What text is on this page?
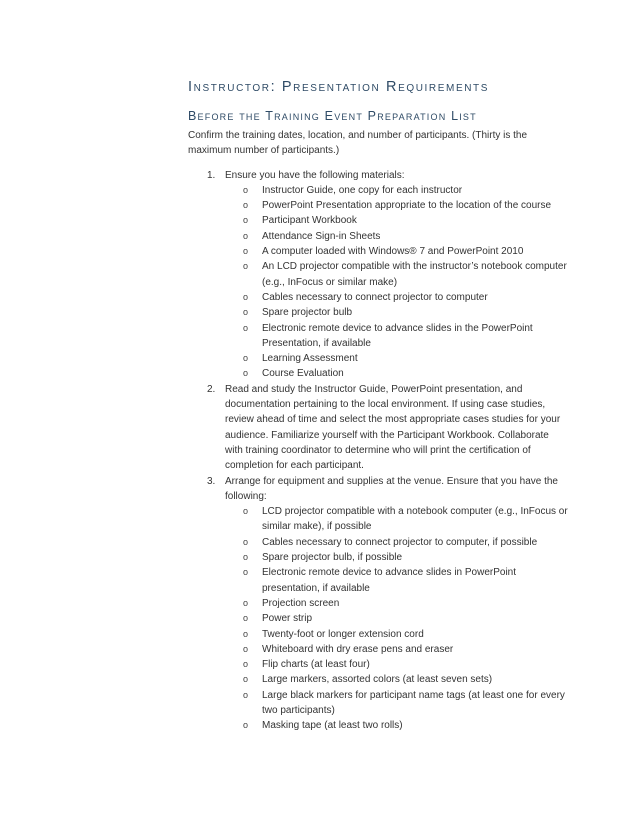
Instructor: Presentation Requirements
Before the Training Event Preparation List

Confirm the training dates, location, and number of participants. (Thirty is the maximum number of participants.)

1. Ensure you have the following materials:
o Instructor Guide, one copy for each instructor
o PowerPoint Presentation appropriate to the location of the course
o Participant Workbook
o Attendance Sign-in Sheets
o A computer loaded with Windows® 7 and PowerPoint 2010
o An LCD projector compatible with the instructor’s notebook computer (e.g., InFocus or similar make)
o Cables necessary to connect projector to computer
o Spare projector bulb
o Electronic remote device to advance slides in the PowerPoint Presentation, if available
o Learning Assessment
o Course Evaluation
2. Read and study the Instructor Guide, PowerPoint presentation, and documentation pertaining to the local environment. If using case studies, review ahead of time and select the most appropriate cases studies for your audience. Familiarize yourself with the Participant Workbook. Collaborate with training coordinator to determine who will print the certification of completion for each participant.
3. Arrange for equipment and supplies at the venue. Ensure that you have the following:
o LCD projector compatible with a notebook computer (e.g., InFocus or similar make), if possible
o Cables necessary to connect projector to computer, if possible
o Spare projector bulb, if possible
o Electronic remote device to advance slides in PowerPoint presentation, if available
o Projection screen
o Power strip
o Twenty-foot or longer extension cord
o Whiteboard with dry erase pens and eraser
o Flip charts (at least four)
o Large markers, assorted colors (at least seven sets)
o Large black markers for participant name tags (at least one for every two participants)
o Masking tape (at least two rolls)
